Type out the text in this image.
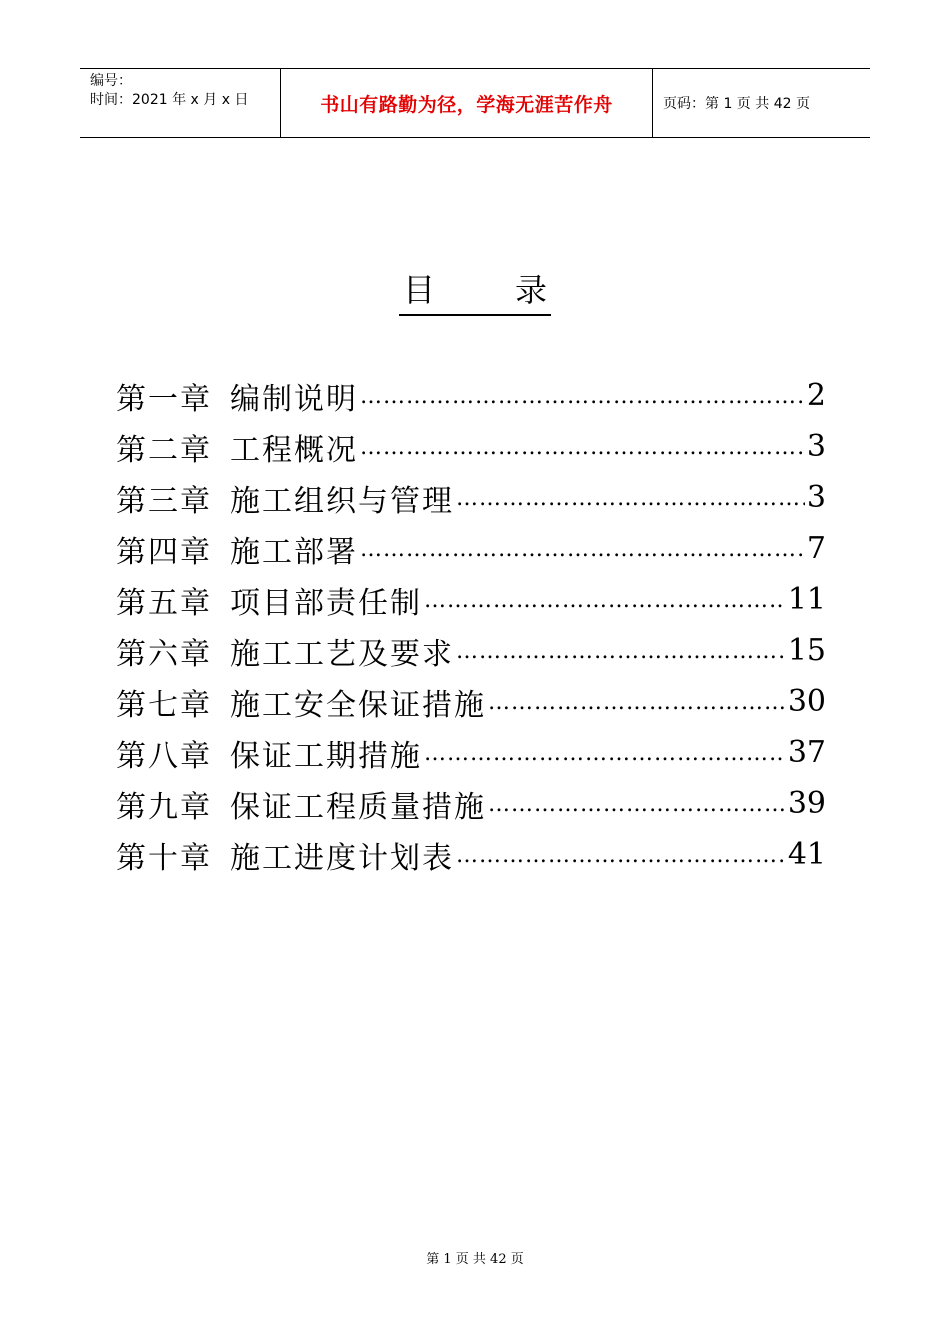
编号：
时间：2021 年 x 月 x 日	书山有路勤为径，学海无涯苦作舟	页码：第 1 页 共 42 页
目	录
第一章 编制说明 …………………………………………………………………………………………………………………………	2
第二章 工程概况 …………………………………………………………………………………………………………………………	3
第三章 施工组织与管理 …………………………………………………………………………………………………………………………	3
第四章 施工部署 …………………………………………………………………………………………………………………………	7
第五章 项目部责任制 …………………………………………………………………………………………………………………………	11
第六章 施工工艺及要求 …………………………………………………………………………………………………………………………	15
第七章 施工安全保证措施 …………………………………………………………………………………………………………………………	30
第八章 保证工期措施 …………………………………………………………………………………………………………………………	37
第九章 保证工程质量措施 …………………………………………………………………………………………………………………………	39
第十章 施工进度计划表 …………………………………………………………………………………………………………………………	41
第 1 页 共 42 页
